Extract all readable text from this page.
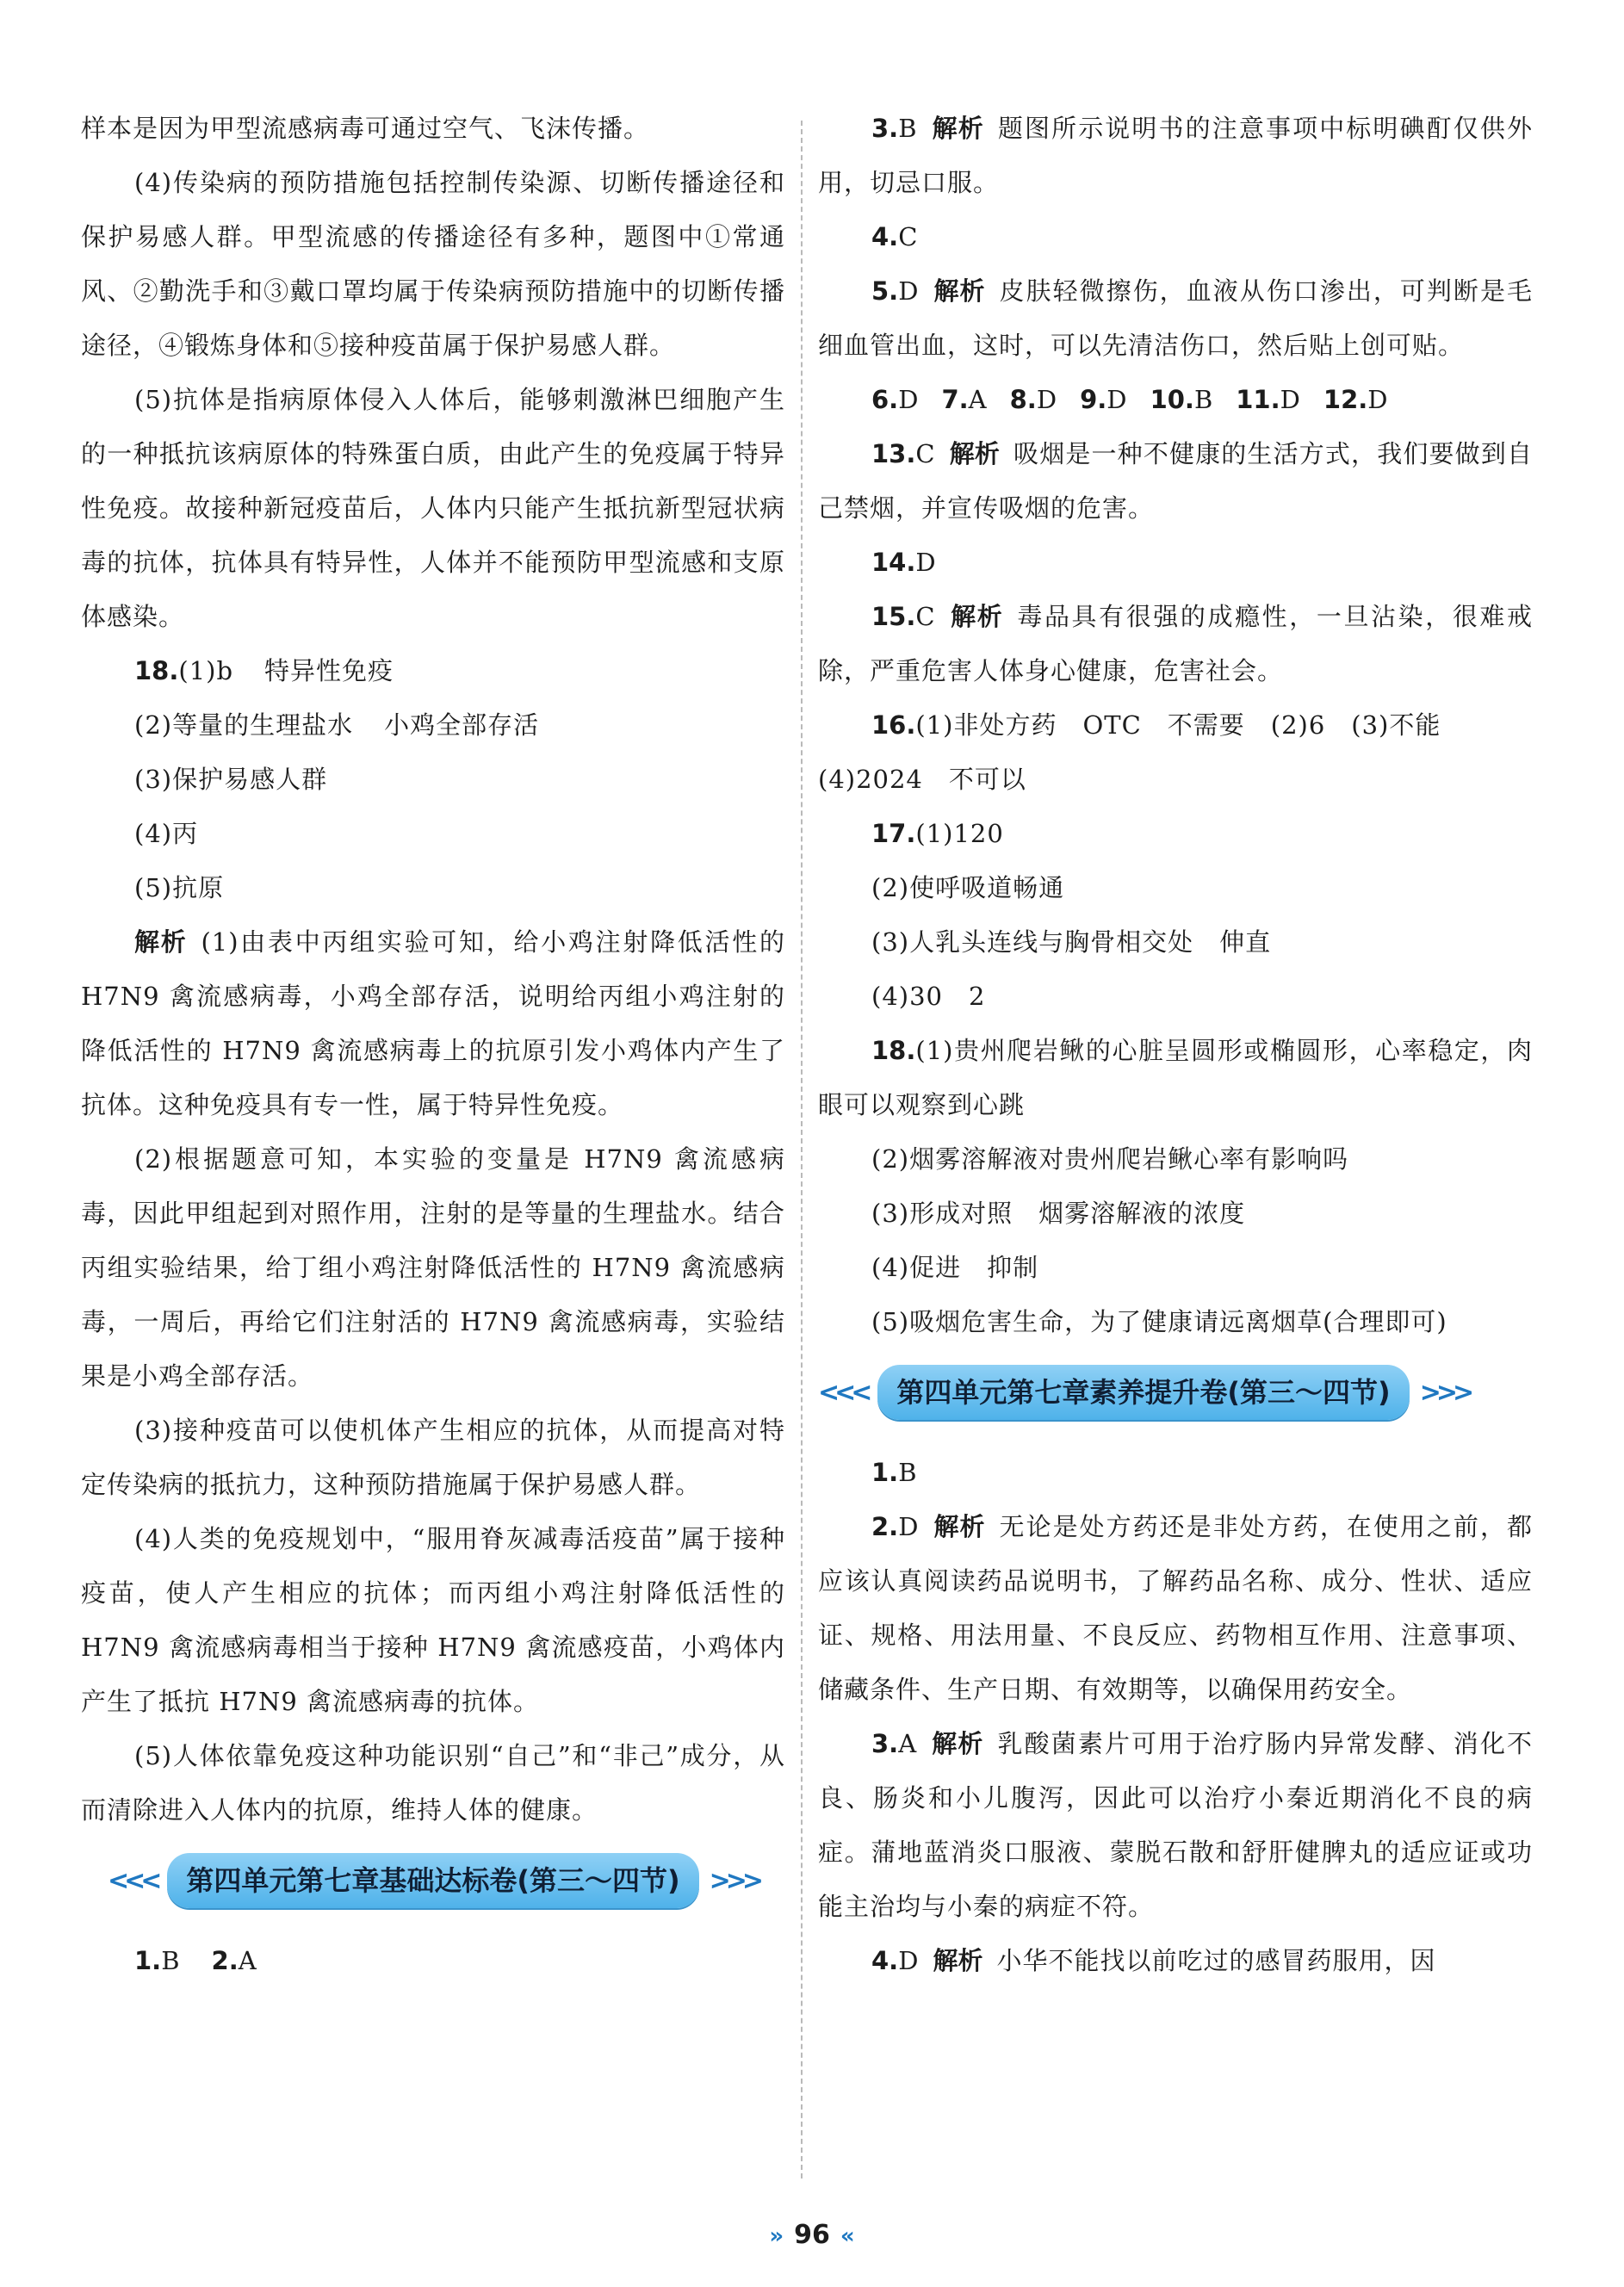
样本是因为甲型流感病毒可通过空气、飞沫传播。

(4)传染病的预防措施包括控制传染源、切断传播途径和保护易感人群。甲型流感的传播途径有多种，题图中①常通风、②勤洗手和③戴口罩均属于传染病预防措施中的切断传播途径，④锻炼身体和⑤接种疫苗属于保护易感人群。

(5)抗体是指病原体侵入人体后，能够刺激淋巴细胞产生的一种抵抗该病原体的特殊蛋白质，由此产生的免疫属于特异性免疫。故接种新冠疫苗后，人体内只能产生抵抗新型冠状病毒的抗体，抗体具有特异性，人体并不能预防甲型流感和支原体感染。

18.(1)b 特异性免疫

(2)等量的生理盐水 小鸡全部存活

(3)保护易感人群

(4)丙

(5)抗原

解析 (1)由表中丙组实验可知，给小鸡注射降低活性的 H7N9 禽流感病毒，小鸡全部存活，说明给丙组小鸡注射的降低活性的 H7N9 禽流感病毒上的抗原引发小鸡体内产生了抗体。这种免疫具有专一性，属于特异性免疫。

(2)根据题意可知，本实验的变量是 H7N9 禽流感病毒，因此甲组起到对照作用，注射的是等量的生理盐水。结合丙组实验结果，给丁组小鸡注射降低活性的 H7N9 禽流感病毒，一周后，再给它们注射活的 H7N9 禽流感病毒，实验结果是小鸡全部存活。

(3)接种疫苗可以使机体产生相应的抗体，从而提高对特定传染病的抵抗力，这种预防措施属于保护易感人群。

(4)人类的免疫规划中，“服用脊灰减毒活疫苗”属于接种疫苗，使人产生相应的抗体；而丙组小鸡注射降低活性的 H7N9 禽流感病毒相当于接种 H7N9 禽流感疫苗，小鸡体内产生了抵抗 H7N9 禽流感病毒的抗体。

(5)人体依靠免疫这种功能识别“自己”和“非己”成分，从而清除进入人体内的抗原，维持人体的健康。

<<<	第四单元第七章基础达标卷(第三～四节)	>>>

1.B 2.A

3.B 解析 题图所示说明书的注意事项中标明碘酊仅供外用，切忌口服。

4.C

5.D 解析 皮肤轻微擦伤，血液从伤口渗出，可判断是毛细血管出血，这时，可以先清洁伤口，然后贴上创可贴。

6.D 7.A 8.D 9.D 10.B 11.D 12.D

13.C 解析 吸烟是一种不健康的生活方式，我们要做到自己禁烟，并宣传吸烟的危害。

14.D

15.C 解析 毒品具有很强的成瘾性，一旦沾染，很难戒除，严重危害人体身心健康，危害社会。

16.(1)非处方药　OTC　不需要　(2)6　(3)不能

(4)2024　不可以

17.(1)120

(2)使呼吸道畅通

(3)人乳头连线与胸骨相交处　伸直

(4)30　2

18.(1)贵州爬岩鳅的心脏呈圆形或椭圆形，心率稳定，肉眼可以观察到心跳

(2)烟雾溶解液对贵州爬岩鳅心率有影响吗

(3)形成对照　烟雾溶解液的浓度

(4)促进　抑制

(5)吸烟危害生命，为了健康请远离烟草(合理即可)

<<<	第四单元第七章素养提升卷(第三～四节)	>>>

1.B

2.D 解析 无论是处方药还是非处方药，在使用之前，都应该认真阅读药品说明书，了解药品名称、成分、性状、适应证、规格、用法用量、不良反应、药物相互作用、注意事项、储藏条件、生产日期、有效期等，以确保用药安全。

3.A 解析 乳酸菌素片可用于治疗肠内异常发酵、消化不良、肠炎和小儿腹泻，因此可以治疗小秦近期消化不良的病症。蒲地蓝消炎口服液、蒙脱石散和舒肝健脾丸的适应证或功能主治均与小秦的病症不符。

4.D 解析 小华不能找以前吃过的感冒药服用，因

» 96 «
